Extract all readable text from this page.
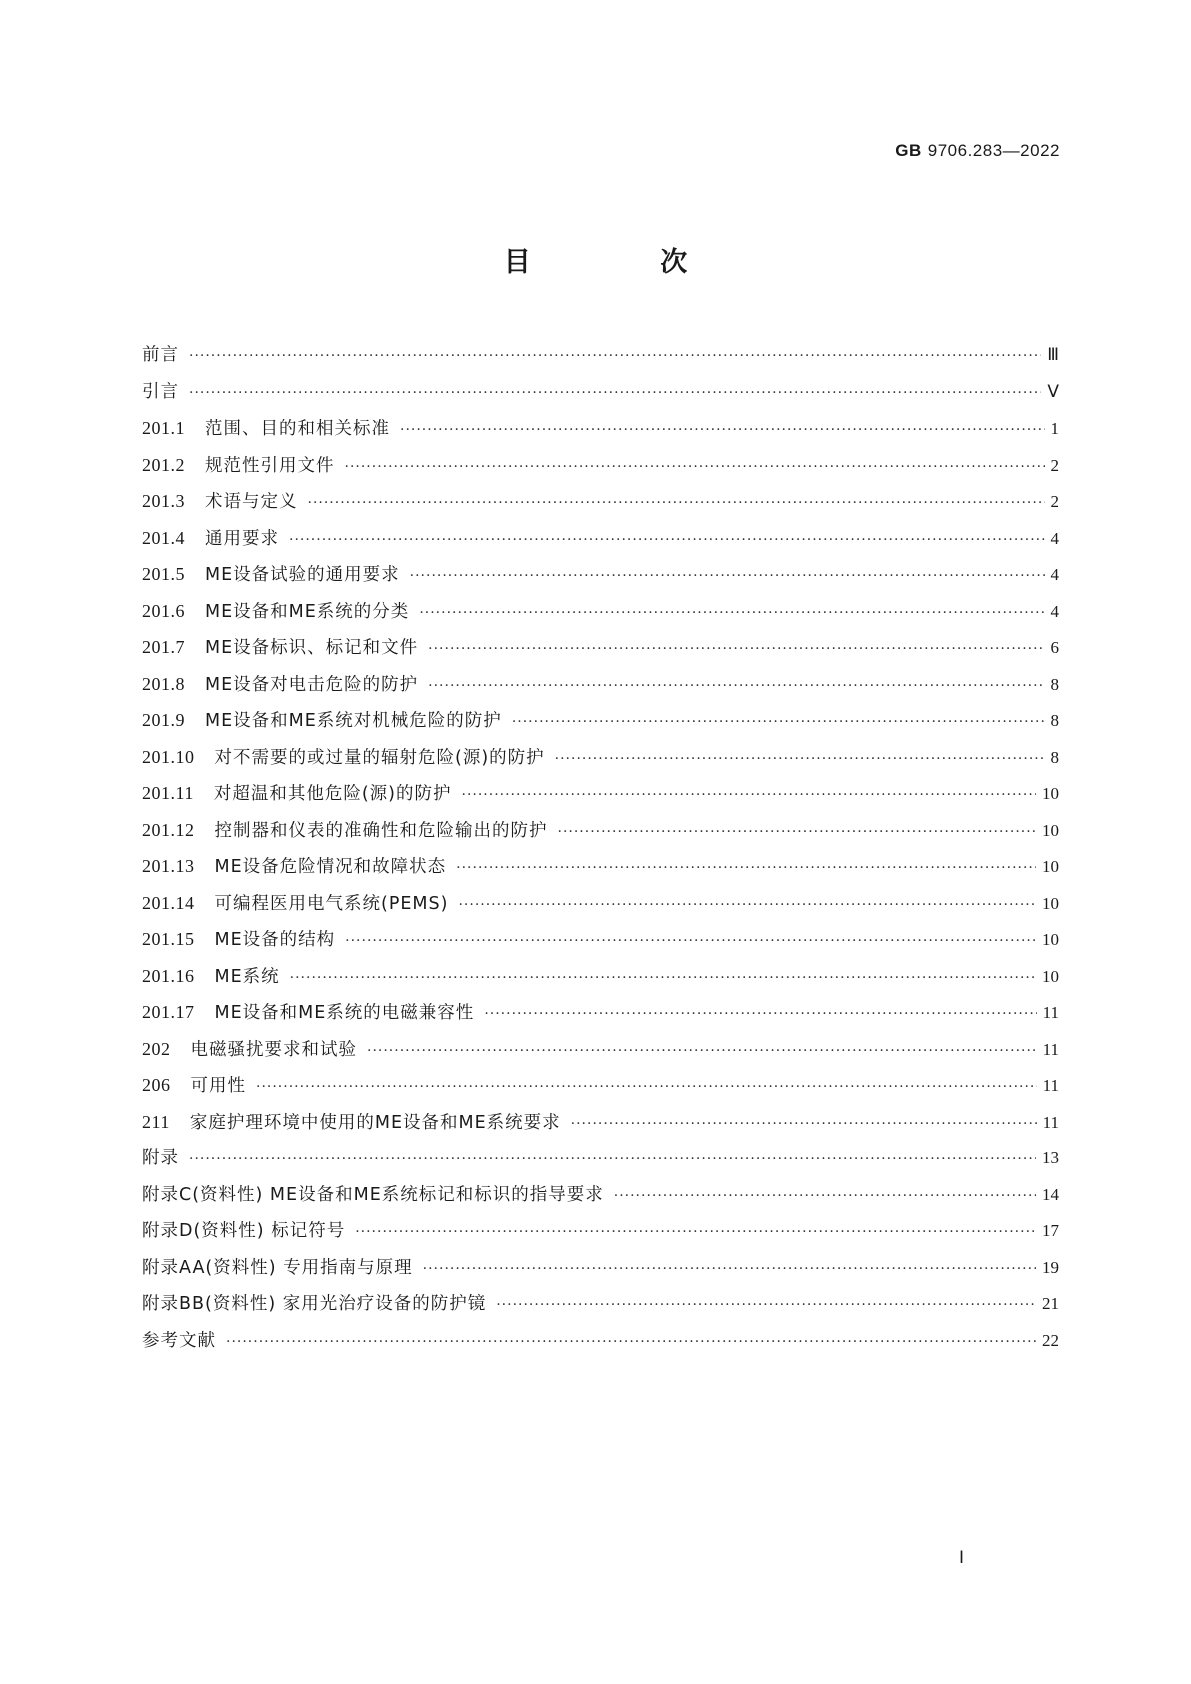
GB 9706.283—2022
目 次
前言 ·····	Ⅲ
引言 ·····	Ⅴ
201.1 范围、目的和相关标准 ·····	1
201.2 规范性引用文件 ·····	2
201.3 术语与定义 ·····	2
201.4 通用要求 ·····	4
201.5 ME设备试验的通用要求 ·····	4
201.6 ME设备和ME系统的分类 ·····	4
201.7 ME设备标识、标记和文件 ·····	6
201.8 ME设备对电击危险的防护 ·····	8
201.9 ME设备和ME系统对机械危险的防护 ·····	8
201.10 对不需要的或过量的辐射危险(源)的防护 ·····	8
201.11 对超温和其他危险(源)的防护 ·····	10
201.12 控制器和仪表的准确性和危险输出的防护 ·····	10
201.13 ME设备危险情况和故障状态 ·····	10
201.14 可编程医用电气系统(PEMS) ·····	10
201.15 ME设备的结构 ·····	10
201.16 ME系统 ·····	10
201.17 ME设备和ME系统的电磁兼容性 ·····	11
202 电磁骚扰要求和试验 ·····	11
206 可用性 ·····	11
211 家庭护理环境中使用的ME设备和ME系统要求 ·····	11
附录 ·····	13
附录C(资料性) ME设备和ME系统标记和标识的指导要求 ·····	14
附录D(资料性) 标记符号 ·····	17
附录AA(资料性) 专用指南与原理 ·····	19
附录BB(资料性) 家用光治疗设备的防护镜 ·····	21
参考文献 ·····	22
Ⅰ
